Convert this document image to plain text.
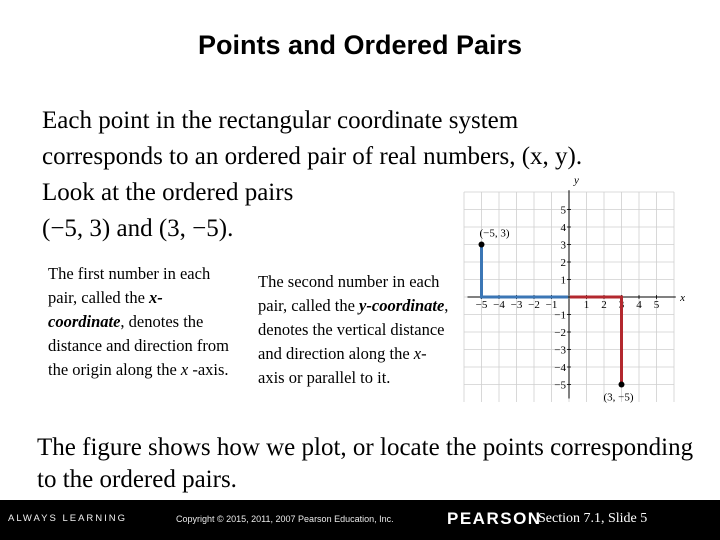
Points and Ordered Pairs
Each point in the rectangular coordinate system
corresponds to an ordered pair of real numbers, (x, y).
Look at the ordered pairs
(−5, 3) and (3, −5).
The first number in each pair, called the x-coordinate, denotes the distance and direction from the origin along the x -axis.
The second number in each pair, called the y-coordinate, denotes the vertical distance and direction along the x-axis or parallel to it.
x
y
−5 −4 −3 −2 −1 1 2 3 4 5
5
4
3
2
1
−1
−2
−3
−4
−5
(−5, 3)
(3, −5)
The figure shows how we plot, or locate the points corresponding to the ordered pairs.
ALWAYS LEARNING	Copyright © 2015, 2011, 2007 Pearson Education, Inc.	PEARSON
Section 7.1, Slide 5
